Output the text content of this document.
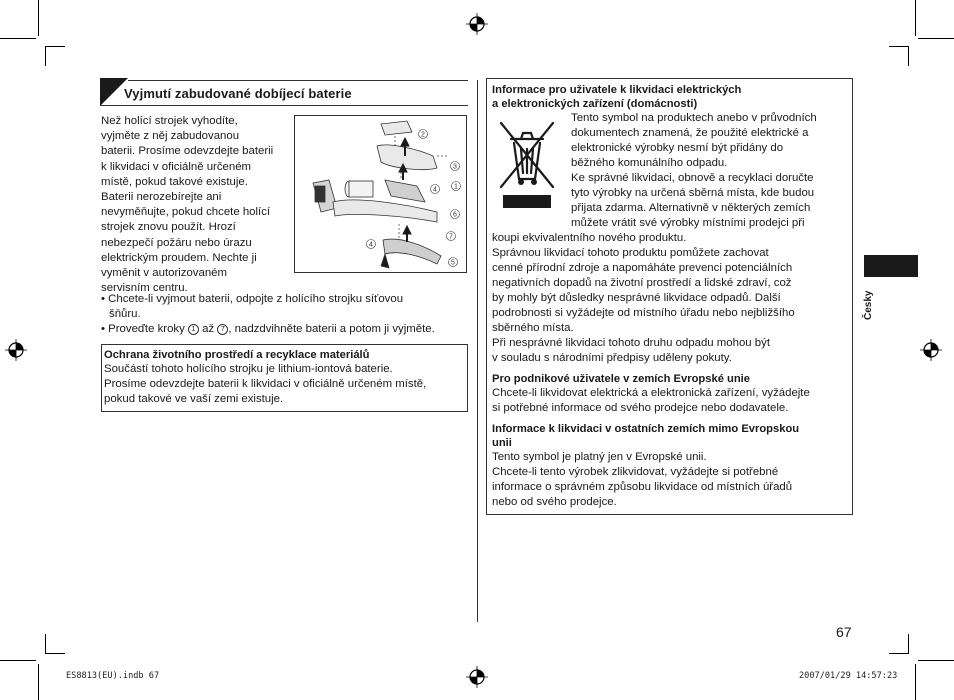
Vyjmutí zabudované dobíjecí baterie

Než holící strojek vyhodíte,

vyjměte z něj zabudovanou

baterii. Prosíme odevzdejte baterii

k likvidaci v oficiálně určeném

místě, pokud takové existuje.

Baterii nerozebírejte ani

nevyměňujte, pokud chcete holící

strojek znovu použít. Hrozí

nebezpečí požáru nebo úrazu

elektrickým proudem. Nechte ji

vyměnit v autorizovaném

servisním centru.

1
2
3
4
5
6
7
4
• Chcete-li vyjmout baterii, odpojte z holícího strojku síťovou
šňůru.
• Proveďte kroky 1 až 7 , nadzdvihněte baterii a potom ji vyjměte.

Ochrana životního prostředí a recyklace materiálů

Součástí tohoto holícího strojku je lithium-iontová baterie.

Prosíme odevzdejte baterii k likvidaci v oficiálně určeném místě,

pokud takové ve vaší zemi existuje.

Informace pro uživatele k likvidaci elektrických

a elektronických zařízení (domácnosti)

Tento symbol na produktech anebo v průvodních

dokumentech znamená, že použité elektrické a

elektronické výrobky nesmí být přidány do

běžného komunálního odpadu.

Ke správné likvidaci, obnově a recyklaci doručte

tyto výrobky na určená sběrná místa, kde budou

přijata zdarma. Alternativně v některých zemích

můžete vrátit své výrobky místními prodejci při

koupi ekvivalentního nového produktu.

Správnou likvidací tohoto produktu pomůžete zachovat

cenné přírodní zdroje a napomáháte prevenci potenciálních

negativních dopadů na životní prostředí a lidské zdraví, což

by mohly být důsledky nesprávné likvidace odpadů. Další

podrobnosti si vyžádejte od místního úřadu nebo nejbližšího

sběrného místa.

Při nesprávné likvidaci tohoto druhu odpadu mohou být

v souladu s národními předpisy uděleny pokuty.

Pro podnikové uživatele v zemích Evropské unie

Chcete-li likvidovat elektrická a elektronická zařízení, vyžádejte

si potřebné informace od svého prodejce nebo dodavatele.

Informace k likvidaci v ostatních zemích mimo Evropskou

unii

Tento symbol je platný jen v Evropské unii.

Chcete-li tento výrobek zlikvidovat, vyžádejte si potřebné

informace o správném způsobu likvidace od místních úřadů

nebo od svého prodejce.

Česky
67
ES8813(EU).indb 67	2007/01/29 14:57:23
